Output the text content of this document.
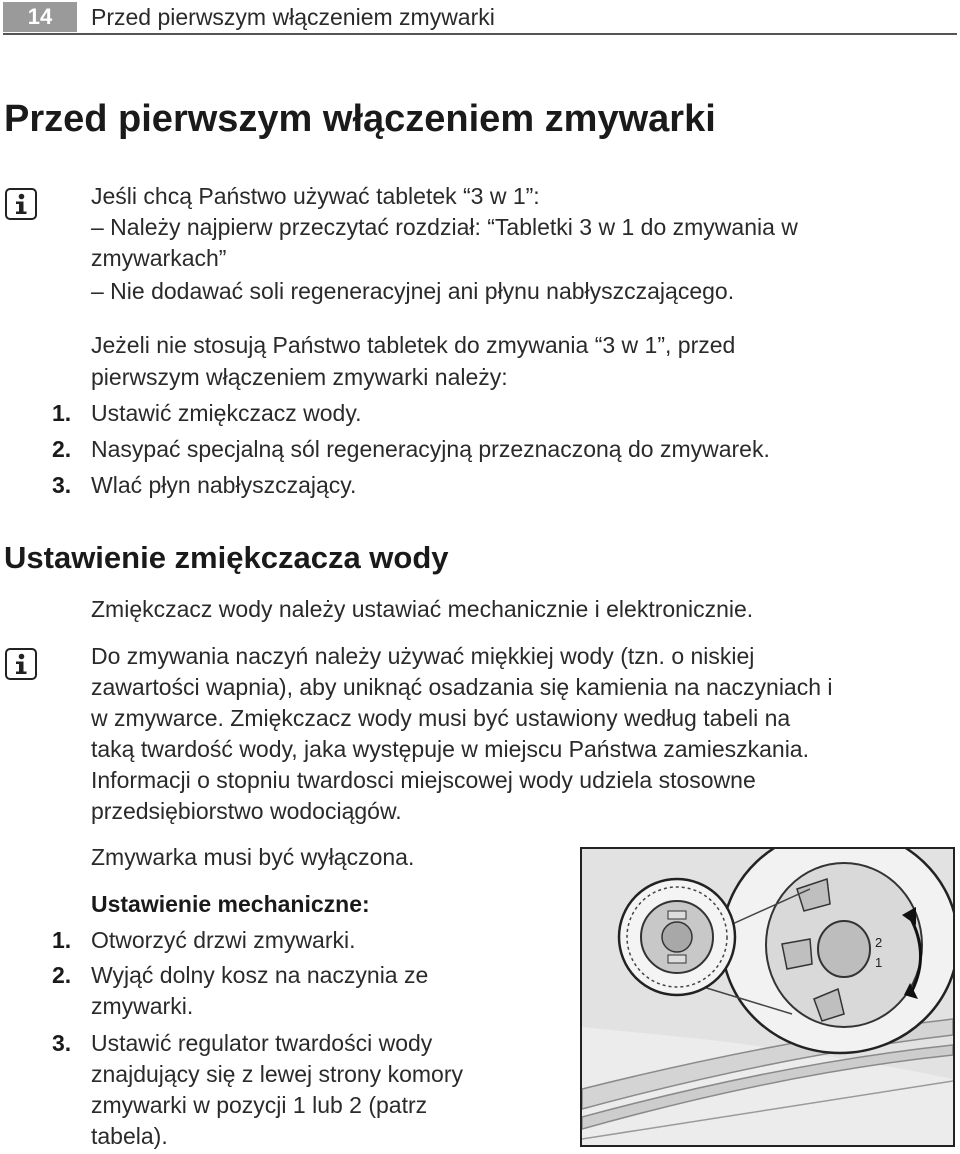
14	Przed pierwszym włączeniem zmywarki
Przed pierwszym włączeniem zmywarki
Jeśli chcą Państwo używać tabletek “3 w 1”:
– Należy najpierw przeczytać rozdział: “Tabletki 3 w 1 do zmywania w
zmywarkach”
– Nie dodawać soli regeneracyjnej ani płynu nabłyszczającego.
Jeżeli nie stosują Państwo tabletek do zmywania “3 w 1”, przed
pierwszym włączeniem zmywarki należy:
1. Ustawić zmiękczacz wody.
2. Nasypać specjalną sól regeneracyjną przeznaczoną do zmywarek.
3. Wlać płyn nabłyszczający.
Ustawienie zmiękczacza wody
Zmiękczacz wody należy ustawiać mechanicznie i elektronicznie.
Do zmywania naczyń należy używać miękkiej wody (tzn. o niskiej
zawartości wapnia), aby uniknąć osadzania się kamienia na naczyniach i
w zmywarce. Zmiękczacz wody musi być ustawiony według tabeli na
taką twardość wody, jaka występuje w miejscu Państwa zamieszkania.
Informacji o stopniu twardosci miejscowej wody udziela stosowne
przedsiębiorstwo wodociągów.
Zmywarka musi być wyłączona.
Ustawienie mechaniczne:
1. Otworzyć drzwi zmywarki.
2. Wyjąć dolny kosz na naczynia ze
zmywarki.
3. Ustawić regulator twardości wody
znajdujący się z lewej strony komory
zmywarki w pozycji 1 lub 2 (patrz
tabela).
2
1
